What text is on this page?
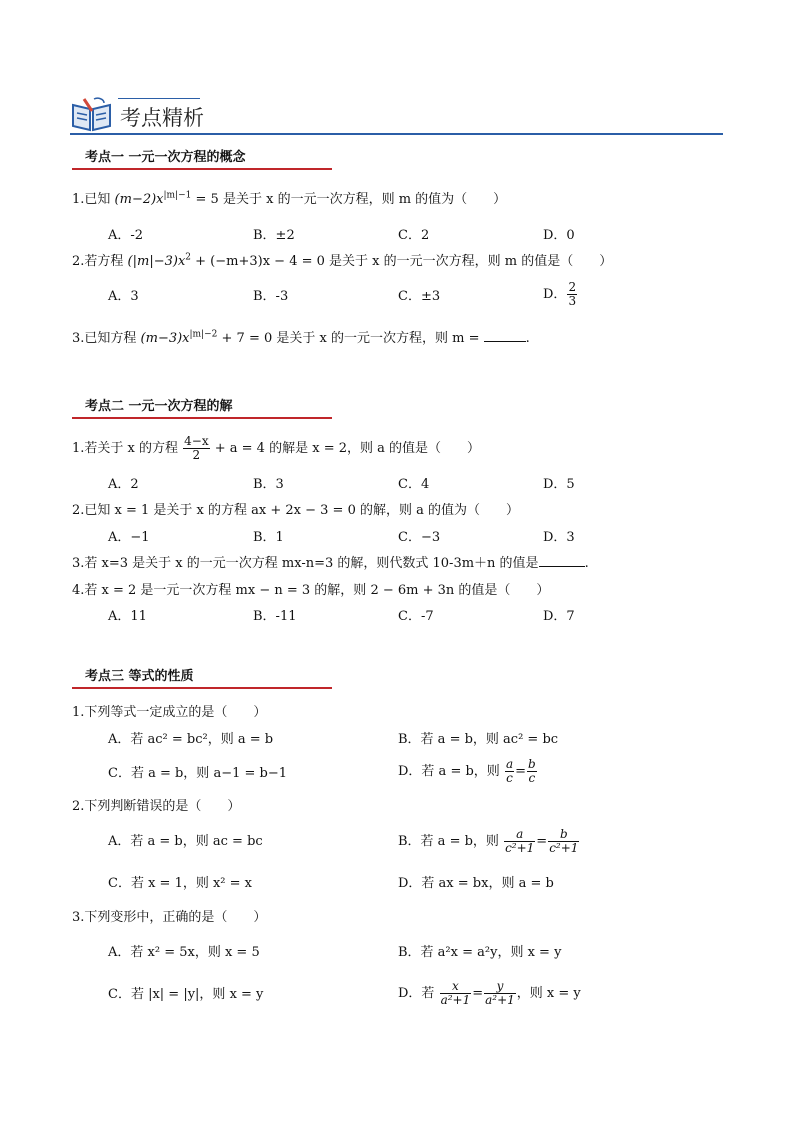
考点精析
考点一 一元一次方程的概念
1.已知 $(m-2)x^{|m|-1} = 5$ 是关于 x 的一元一次方程，则 m 的值为（　　）
A．-2	B．±2	C．2	D．0
2.若方程 $(|m|-3)x^2 + (-m+3)x - 4 = 0$ 是关于 x 的一元一次方程，则 m 的值是（　　）
A．3	B．-3	C．±3	D． $\frac{2}{3}$
3.已知方程 $(m-3)x^{|m|-2} + 7 = 0$ 是关于 x 的一元一次方程，则 m =	.
考点二 一元一次方程的解
1.若关于 x 的方程 $\frac{4-x}{2} + a = 4$ 的解是 x = 2，则 a 的值是（　　）
A．2	B．3	C．4	D．5
2.已知 x = 1 是关于 x 的方程 ax + 2x − 3 = 0 的解，则 a 的值为（　　）
A．−1	B．1	C．−3	D．3
3.若 x=3 是关于 x 的一元一次方程 mx-n=3 的解，则代数式 10-3m＋n 的值是	.
4.若 x = 2 是一元一次方程 mx − n = 3 的解，则 2 − 6m + 3n 的值是（　　）
A．11	B．-11	C．-7	D．7
考点三 等式的性质
1.下列等式一定成立的是（　　）
A．若 ac² = bc²，则 a = b	B．若 a = b，则 ac² = bc
C．若 a = b，则 a−1 = b−1	D．若 a = b，则 $\frac{a}{c} = \frac{b}{c}$
2.下列判断错误的是（　　）
A．若 a = b，则 ac = bc	B．若 a = b，则 $\frac{a}{\text{c²+1}} = \frac{b}{\text{c²+1}}$
C．若 x = 1，则 x² = x	D．若 ax = bx，则 a = b
3.下列变形中，正确的是（　　）
A．若 x² = 5x，则 x = 5	B．若 a²x = a²y，则 x = y
C．若 |x| = |y|，则 x = y	D．若 $\frac{x}{\text{a²+1}} = \frac{y}{\text{a²+1}}$ ，则 x = y
